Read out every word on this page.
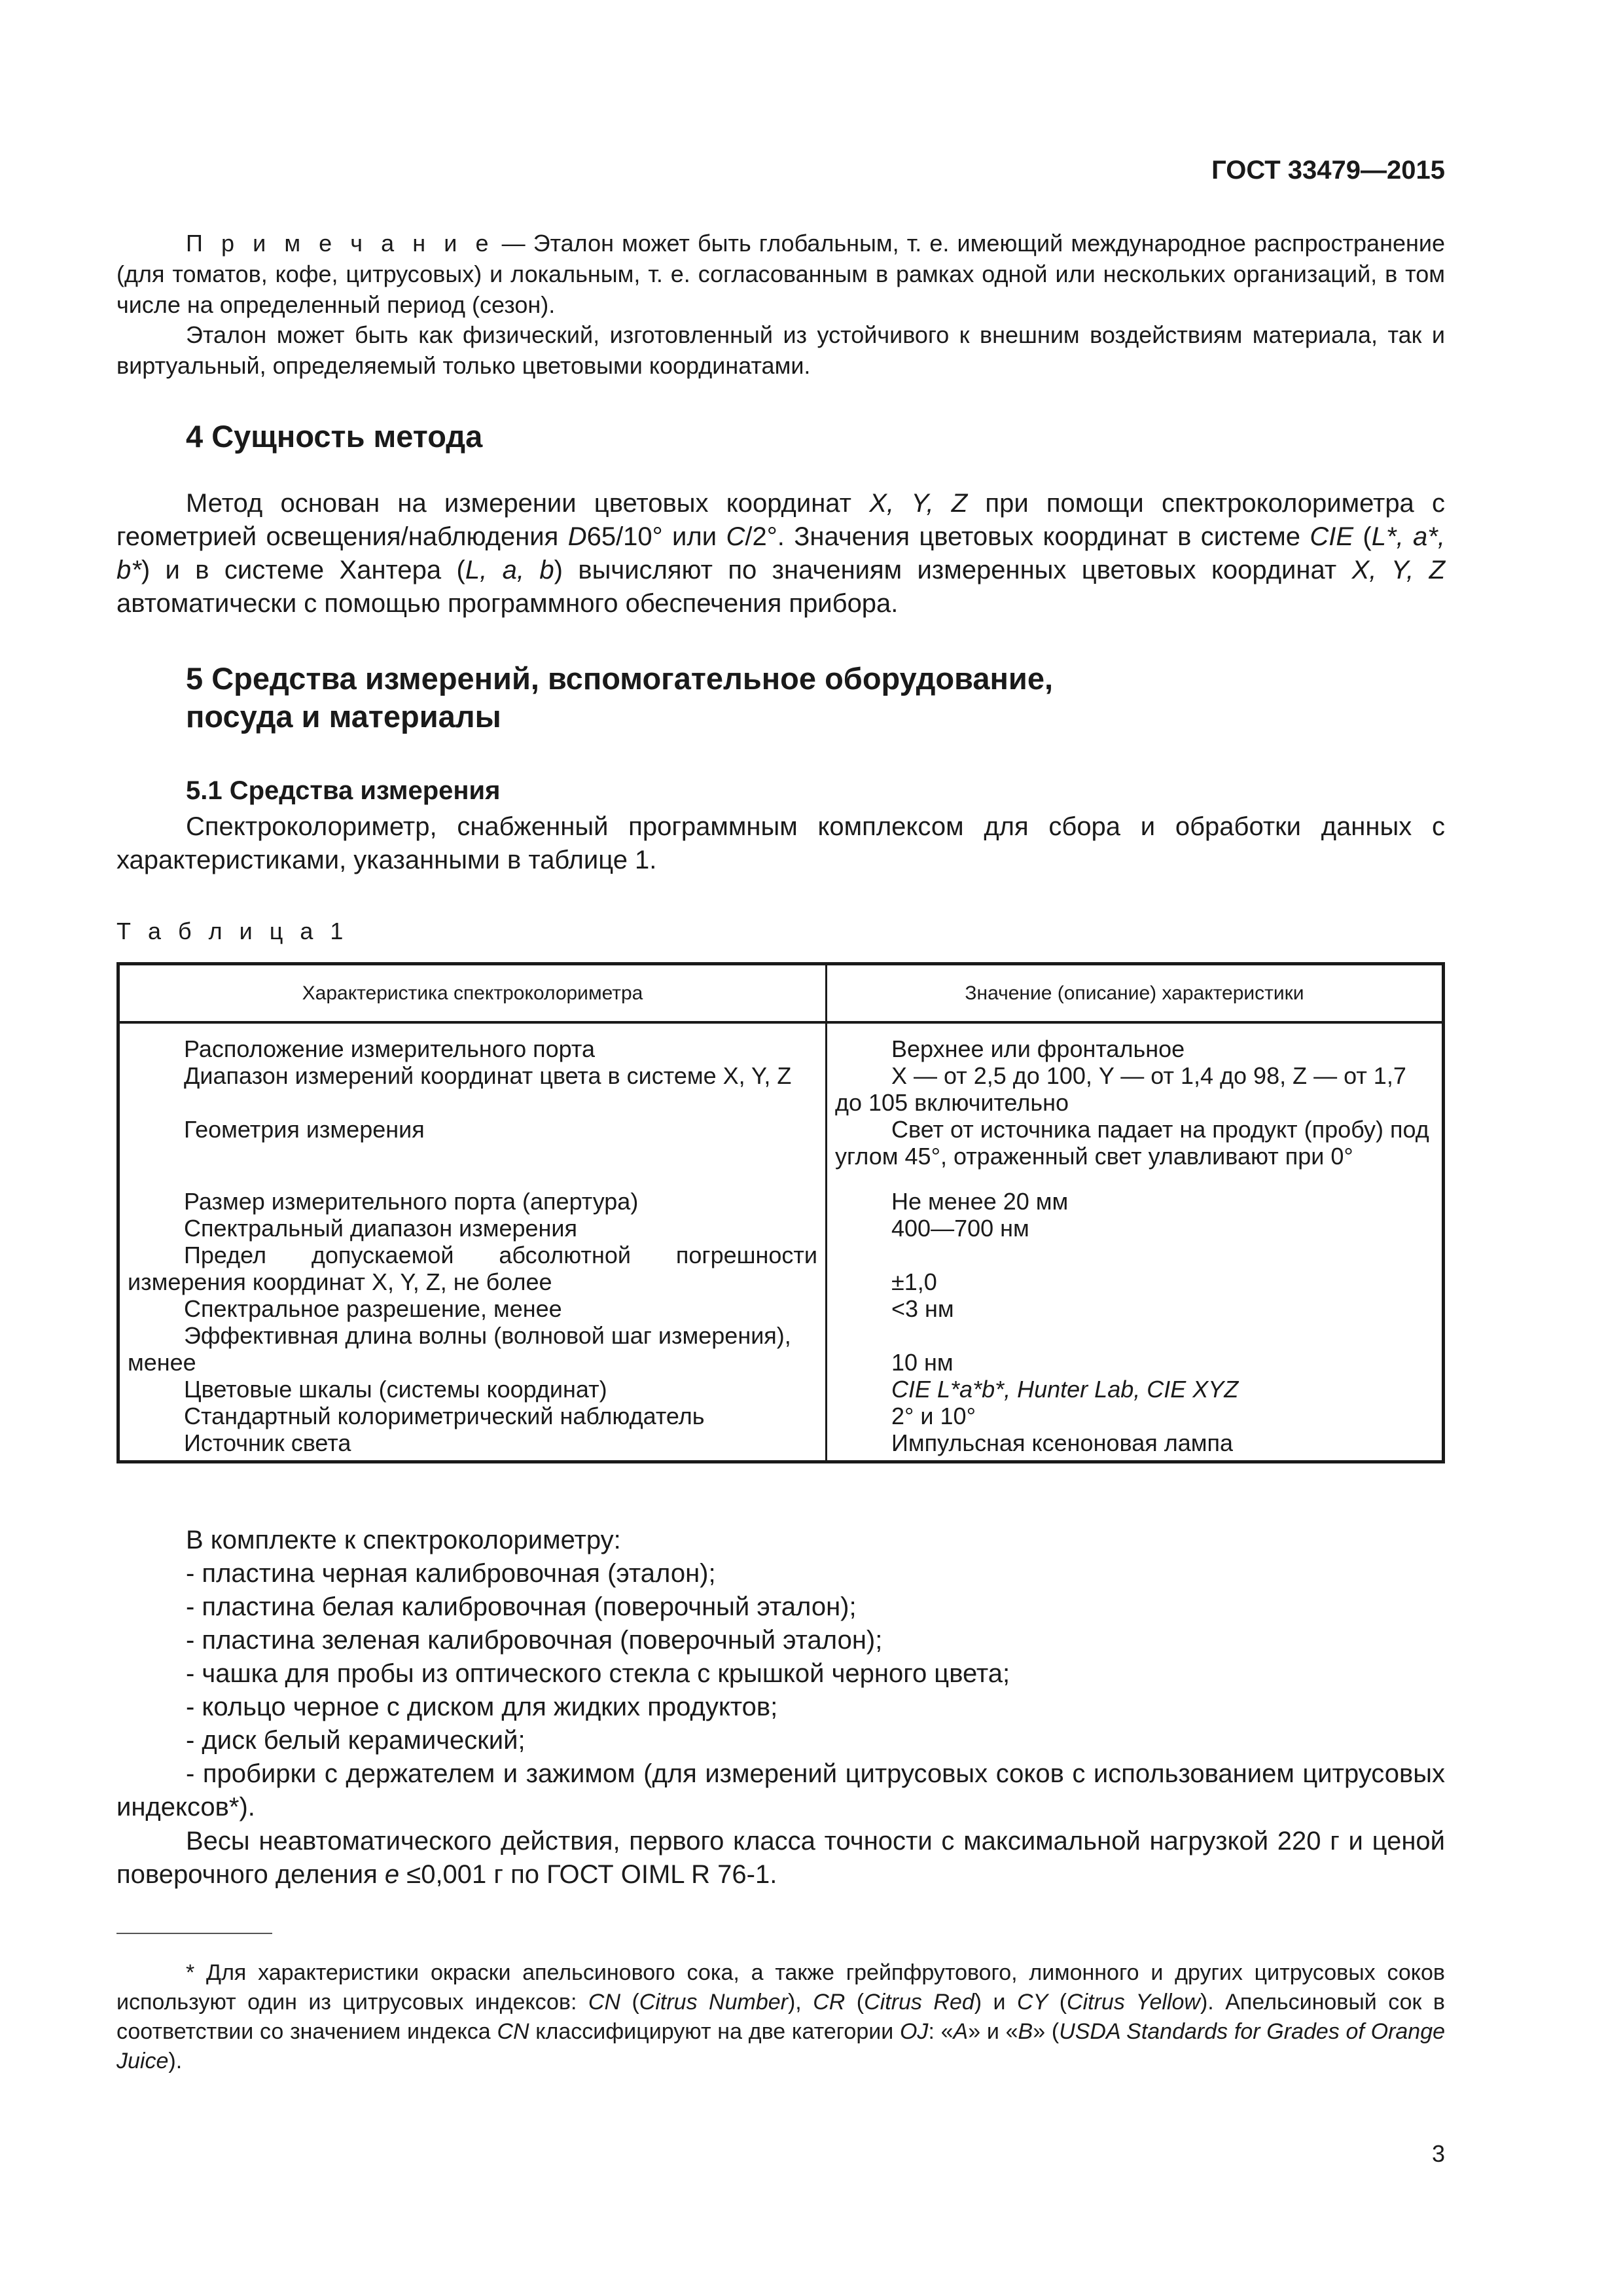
ГОСТ 33479—2015
П р и м е ч а н и е — Эталон может быть глобальным, т. е. имеющий международное распространение (для томатов, кофе, цитрусовых) и локальным, т. е. согласованным в рамках одной или нескольких организаций, в том числе на определенный период (сезон).
Эталон может быть как физический, изготовленный из устойчивого к внешним воздействиям материала, так и виртуальный, определяемый только цветовыми координатами.
4 Сущность метода
Метод основан на измерении цветовых координат X, Y, Z при помощи спектроколориметра с геометрией освещения/наблюдения D65/10° или C/2°. Значения цветовых координат в системе CIE (L*, a*, b*) и в системе Хантера (L, a, b) вычисляют по значениям измеренных цветовых координат X, Y, Z автоматически с помощью программного обеспечения прибора.
5 Средства измерений, вспомогательное оборудование,
посуда и материалы
5.1 Средства измерения
Спектроколориметр, снабженный программным комплексом для сбора и обработки данных с характеристиками, указанными в таблице 1.
Т а б л и ц а 1
Характеристика спектроколориметра	Значение (описание) характеристики
Расположение измерительного порта	Верхнее или фронтальное
Диапазон измерений координат цвета в системе X, Y, Z	X — от 2,5 до 100, Y — от 1,4 до 98, Z — от 1,7 до 105 включительно
Геометрия измерения	Свет от источника падает на продукт (пробу) под углом 45°, отраженный свет улавливают при 0°
Размер измерительного порта (апертура)	Не менее 20 мм
Спектральный диапазон измерения	400—700 нм
Предел допускаемой абсолютной погрешности измерения координат X, Y, Z, не более	±1,0
Спектральное разрешение, менее	<3 нм
Эффективная длина волны (волновой шаг измерения), менее	10 нм
Цветовые шкалы (системы координат)	CIE L*a*b*, Hunter Lab, CIE XYZ
Стандартный колориметрический наблюдатель	2° и 10°
Источник света	Импульсная ксеноновая лампа
В комплекте к спектроколориметру:
- пластина черная калибровочная (эталон);
- пластина белая калибровочная (поверочный эталон);
- пластина зеленая калибровочная (поверочный эталон);
- чашка для пробы из оптического стекла с крышкой черного цвета;
- кольцо черное с диском для жидких продуктов;
- диск белый керамический;
- пробирки с держателем и зажимом (для измерений цитрусовых соков с использованием цитрусовых индексов*).
Весы неавтоматического действия, первого класса точности с максимальной нагрузкой 220 г и ценой поверочного деления e ≤0,001 г по ГОСТ OIML R 76-1.
* Для характеристики окраски апельсинового сока, а также грейпфрутового, лимонного и других цитрусовых соков используют один из цитрусовых индексов: CN (Citrus Number), CR (Citrus Red) и CY (Citrus Yellow). Апельсиновый сок в соответствии со значением индекса CN классифицируют на две категории OJ: «A» и «B» (USDA Standards for Grades of Orange Juice).
3
